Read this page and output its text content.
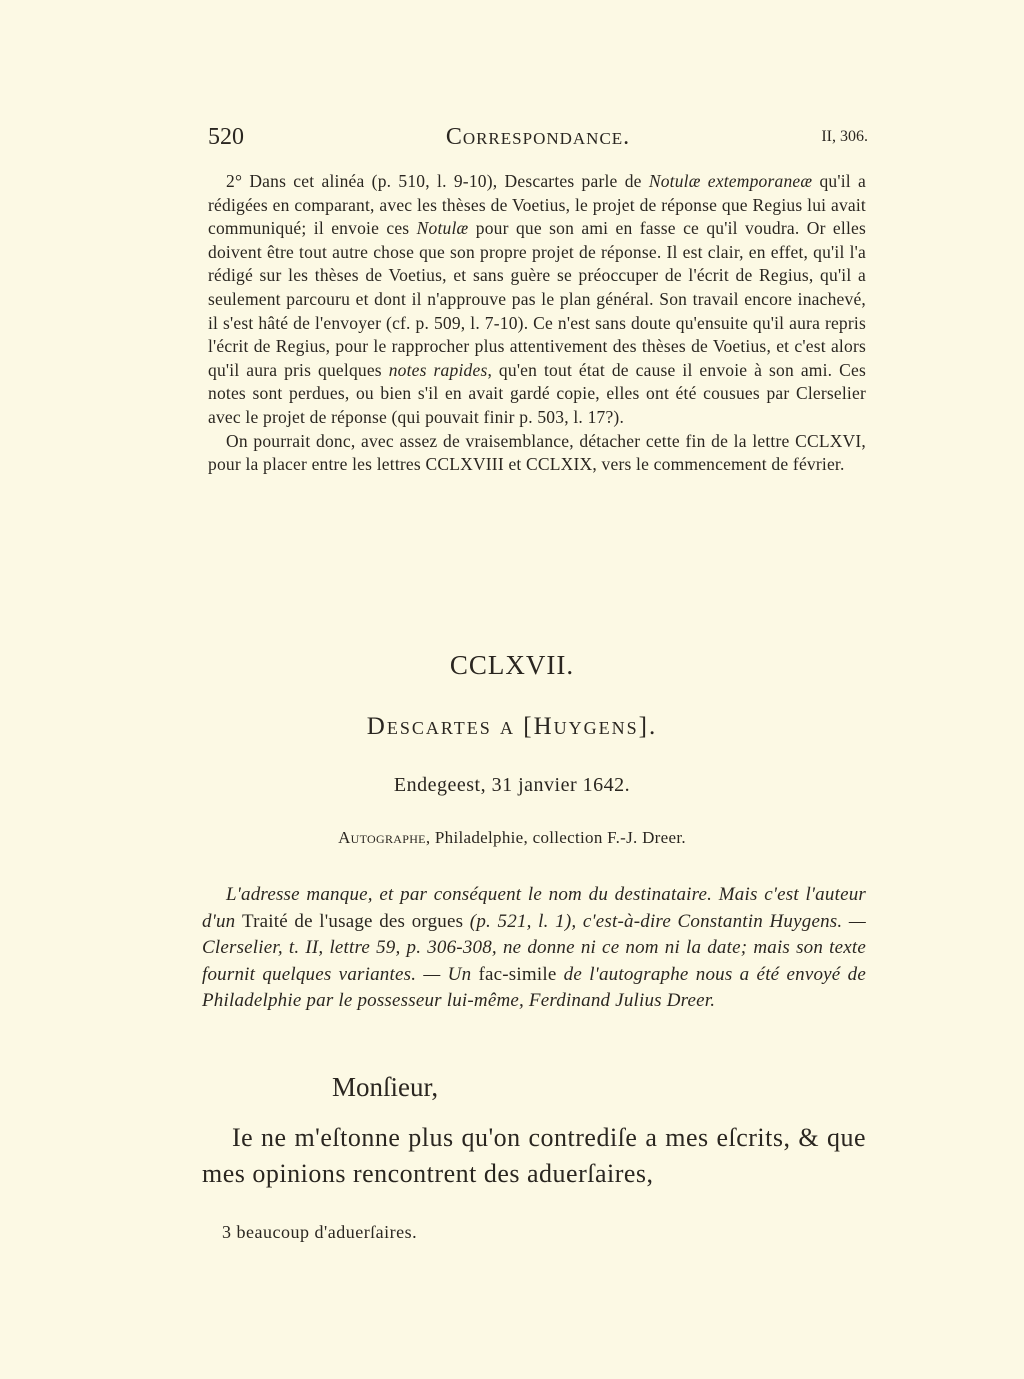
520	Correspondance.	II, 306.

2° Dans cet alinéa (p. 510, l. 9-10), Descartes parle de Notulæ extemporaneæ qu'il a rédigées en comparant, avec les thèses de Voetius, le projet de réponse que Regius lui avait communiqué; il envoie ces Notulæ pour que son ami en fasse ce qu'il voudra. Or elles doivent être tout autre chose que son propre projet de réponse. Il est clair, en effet, qu'il l'a rédigé sur les thèses de Voetius, et sans guère se préoccuper de l'écrit de Regius, qu'il a seulement parcouru et dont il n'approuve pas le plan général. Son travail encore inachevé, il s'est hâté de l'envoyer (cf. p. 509, l. 7-10). Ce n'est sans doute qu'ensuite qu'il aura repris l'écrit de Regius, pour le rapprocher plus attentivement des thèses de Voetius, et c'est alors qu'il aura pris quelques notes rapides, qu'en tout état de cause il envoie à son ami. Ces notes sont perdues, ou bien s'il en avait gardé copie, elles ont été cousues par Clerselier avec le projet de réponse (qui pouvait finir p. 503, l. 17?).

On pourrait donc, avec assez de vraisemblance, détacher cette fin de la lettre CCLXVI, pour la placer entre les lettres CCLXVIII et CCLXIX, vers le commencement de février.

CCLXVII.
Descartes a [Huygens].
Endegeest, 31 janvier 1642.
Autographe, Philadelphie, collection F.-J. Dreer.

L'adresse manque, et par conséquent le nom du destinataire. Mais c'est l'auteur d'un Traité de l'usage des orgues (p. 521, l. 1), c'est-à-dire Constantin Huygens. — Clerselier, t. II, lettre 59, p. 306-308, ne donne ni ce nom ni la date; mais son texte fournit quelques variantes. — Un fac-simile de l'autographe nous a été envoyé de Philadelphie par le possesseur lui-même, Ferdinand Julius Dreer.

Monſieur,

Ie ne m'eſtonne plus qu'on contrediſe a mes eſcrits, & que mes opinions rencontrent des aduerſaires,

3 beaucoup d'aduerſaires.
